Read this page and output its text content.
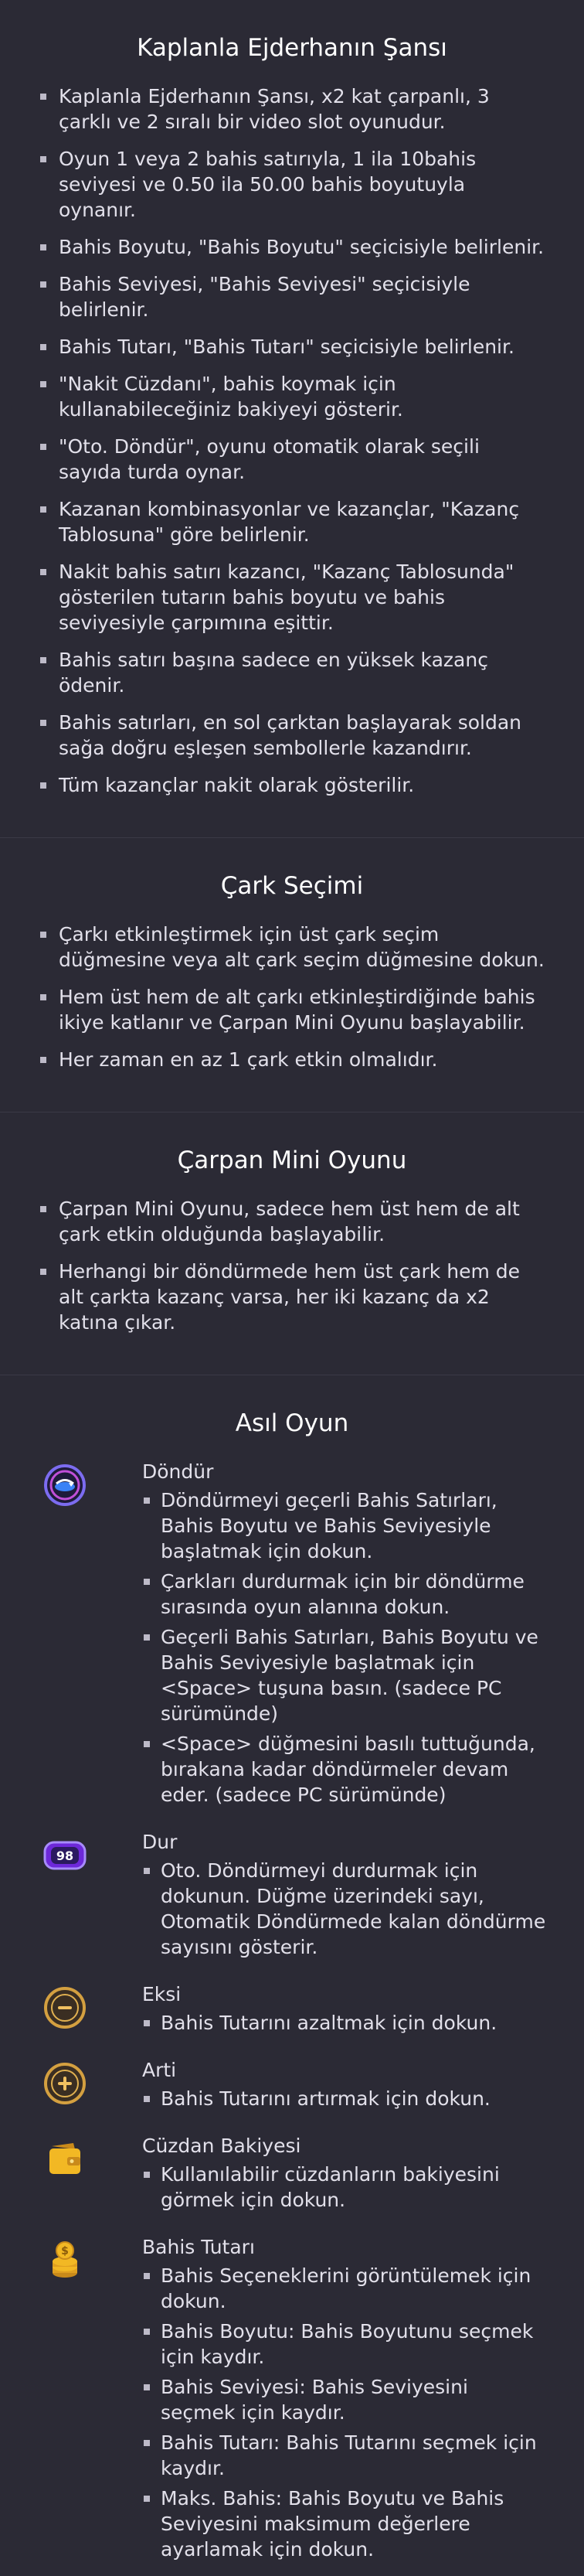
Kaplanla Ejderhanın Şansı
Kaplanla Ejderhanın Şansı, x2 kat çarpanlı, 3 çarklı ve 2 sıralı bir video slot oyunudur.
Oyun 1 veya 2 bahis satırıyla, 1 ila 10bahis seviyesi ve 0.50 ila 50.00 bahis boyutuyla oynanır.
Bahis Boyutu, "Bahis Boyutu" seçicisiyle belirlenir.
Bahis Seviyesi, "Bahis Seviyesi" seçicisiyle belirlenir.
Bahis Tutarı, "Bahis Tutarı" seçicisiyle belirlenir.
"Nakit Cüzdanı", bahis koymak için kullanabileceğiniz bakiyeyi gösterir.
"Oto. Döndür", oyunu otomatik olarak seçili sayıda turda oynar.
Kazanan kombinasyonlar ve kazançlar, "Kazanç Tablosuna" göre belirlenir.
Nakit bahis satırı kazancı, "Kazanç Tablosunda" gösterilen tutarın bahis boyutu ve bahis seviyesiyle çarpımına eşittir.
Bahis satırı başına sadece en yüksek kazanç ödenir.
Bahis satırları, en sol çarktan başlayarak soldan sağa doğru eşleşen sembollerle kazandırır.
Tüm kazançlar nakit olarak gösterilir.
Çark Seçimi
Çarkı etkinleştirmek için üst çark seçim düğmesine veya alt çark seçim düğmesine dokun.
Hem üst hem de alt çarkı etkinleştirdiğinde bahis ikiye katlanır ve Çarpan Mini Oyunu başlayabilir.
Her zaman en az 1 çark etkin olmalıdır.
Çarpan Mini Oyunu
Çarpan Mini Oyunu, sadece hem üst hem de alt çark etkin olduğunda başlayabilir.
Herhangi bir döndürmede hem üst çark hem de alt çarkta kazanç varsa, her iki kazanç da x2 katına çıkar.
Asıl Oyun
Döndür
Döndürmeyi geçerli Bahis Satırları, Bahis Boyutu ve Bahis Seviyesiyle başlatmak için dokun.
Çarkları durdurmak için bir döndürme sırasında oyun alanına dokun.
Geçerli Bahis Satırları, Bahis Boyutu ve Bahis Seviyesiyle başlatmak için <Space> tuşuna basın. (sadece PC sürümünde)
<Space> düğmesini basılı tuttuğunda, bırakana kadar döndürmeler devam eder. (sadece PC sürümünde)
98
Dur
Oto. Döndürmeyi durdurmak için dokunun. Düğme üzerindeki sayı, Otomatik Döndürmede kalan döndürme sayısını gösterir.
Eksi
Bahis Tutarını azaltmak için dokun.
Arti
Bahis Tutarını artırmak için dokun.
Cüzdan Bakiyesi
Kullanılabilir cüzdanların bakiyesini görmek için dokun.
$	Bahis Tutarı
Bahis Seçeneklerini görüntülemek için dokun.
Bahis Boyutu: Bahis Boyutunu seçmek için kaydır.
Bahis Seviyesi: Bahis Seviyesini seçmek için kaydır.
Bahis Tutarı: Bahis Tutarını seçmek için kaydır.
Maks. Bahis: Bahis Boyutu ve Bahis Seviyesini maksimum değerlere ayarlamak için dokun.
